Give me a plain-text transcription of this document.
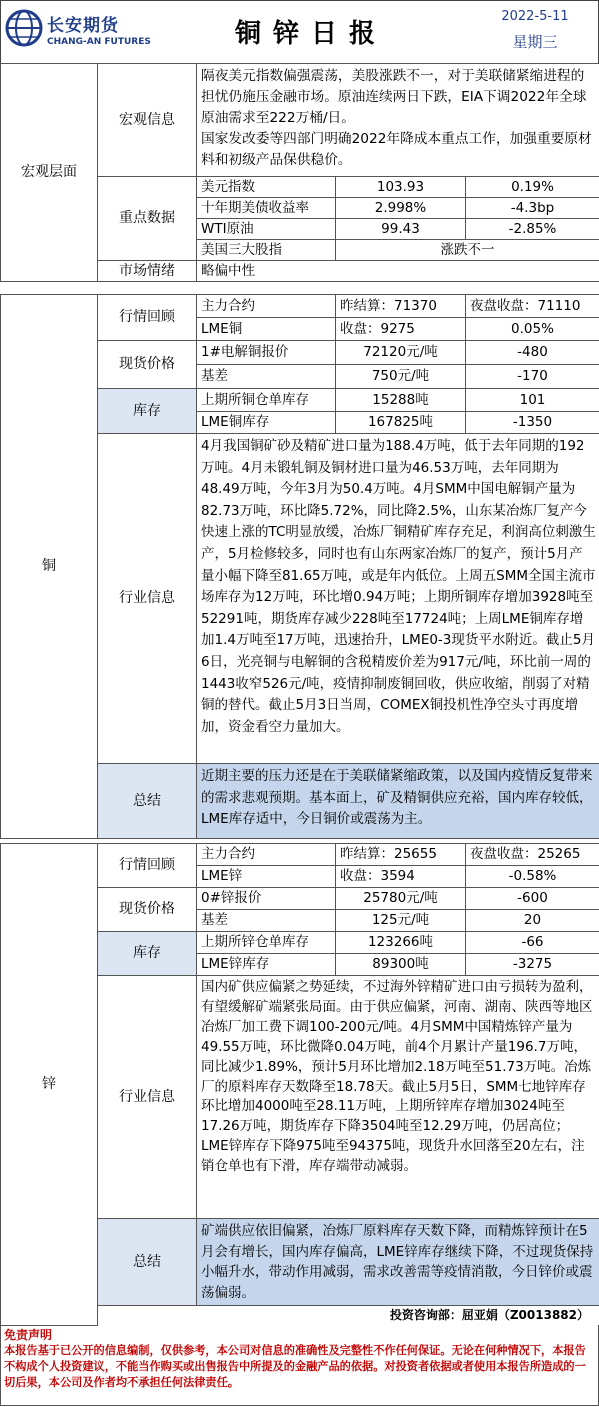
长安期货
CHANG-AN FUTURES	铜锌日报
2022-5-11
星期三
宏观层面	宏观信息	隔夜美元指数偏强震荡，美股涨跌不一，对于美联储紧缩进程的担忧仍施压金融市场。原油连续两日下跌，EIA下调2022年全球原油需求至222万桶/日。
国家发改委等四部门明确2022年降成本重点工作，加强重要原材料和初级产品保供稳价。		
	重点数据	美元指数	103.93	0.19%
		十年期美债收益率	2.998%	-4.3bp
		WTI原油	99.43	-2.85%
		美国三大股指	涨跌不一	
	市场情绪	略偏中性		
铜	行情回顾	主力合约	昨结算：71370	夜盘收盘：71110
		LME铜	收盘：9275	0.05%
	现货价格	1#电解铜报价	72120元/吨	-480
		基差	750元/吨	-170
	库存	上期所铜仓单库存	15288吨	101
		LME铜库存	167825吨	-1350
	行业信息	4月我国铜矿砂及精矿进口量为188.4万吨，低于去年同期的192万吨。4月未锻轧铜及铜材进口量为46.53万吨，去年同期为48.49万吨，今年3月为50.4万吨。4月SMM中国电解铜产量为82.73万吨，环比降5.72%，同比降2.5%，山东某冶炼厂复产今快速上涨的TC明显放缓，冶炼厂铜精矿库存充足，利润高位刺激生产，5月检修较多，同时也有山东两家冶炼厂的复产，预计5月产量小幅下降至81.65万吨，或是年内低位。上周五SMM全国主流市场库存为12万吨，环比增0.94万吨；上期所铜库存增加3928吨至52291吨，期货库存减少228吨至17724吨；上周LME铜库存增加1.4万吨至17万吨，迅速抬升，LME0-3现货平水附近。截止5月6日，光亮铜与电解铜的含税精废价差为917元/吨，环比前一周的1443收窄526元/吨，疫情抑制废铜回收，供应收缩，削弱了对精铜的替代。截止5月3日当周，COMEX铜投机性净空头寸再度增加，资金看空力量加大。		
	总结	近期主要的压力还是在于美联储紧缩政策，以及国内疫情反复带来的需求悲观预期。基本面上，矿及精铜供应充裕，国内库存较低，LME库存适中，今日铜价或震荡为主。		
锌	行情回顾	主力合约	昨结算：25655	夜盘收盘：25265
		LME锌	收盘：3594	-0.58%
	现货价格	0#锌报价	25780元/吨	-600
		基差	125元/吨	20
	库存	上期所锌仓单库存	123266吨	-66
		LME锌库存	89300吨	-3275
	行业信息	国内矿供应偏紧之势延续，不过海外锌精矿进口由亏损转为盈利，有望缓解矿端紧张局面。由于供应偏紧，河南、湖南、陕西等地区冶炼厂加工费下调100-200元/吨。4月SMM中国精炼锌产量为49.55万吨，环比微降0.04万吨，前4个月累计产量196.7万吨，同比减少1.89%，预计5月环比增加2.18万吨至51.73万吨。冶炼厂的原料库存天数降至18.78天。截止5月5日，SMM七地锌库存环比增加4000吨至28.11万吨，上期所锌库存增加3024吨至17.26万吨，期货库存下降3504吨至12.29万吨，仍居高位；LME锌库存下降975吨至94375吨，现货升水回落至20左右，注销仓单也有下滑，库存端带动减弱。		
	总结	矿端供应依旧偏紧，冶炼厂原料库存天数下降，而精炼锌预计在5月会有增长，国内库存偏高，LME锌库存继续下降，不过现货保持小幅升水，带动作用减弱，需求改善需等疫情消散，今日锌价或震荡偏弱。		
	投资咨询部：屈亚娟（Z0013882）			
免责声明
本报告基于已公开的信息编制，仅供参考，本公司对信息的准确性及完整性不作任何保证。无论在何种情况下，本报告不构成个人投资建议，不能当作购买或出售报告中所提及的金融产品的依据。对投资者依据或者使用本报告所造成的一切后果，本公司及作者均不承担任何法律责任。
